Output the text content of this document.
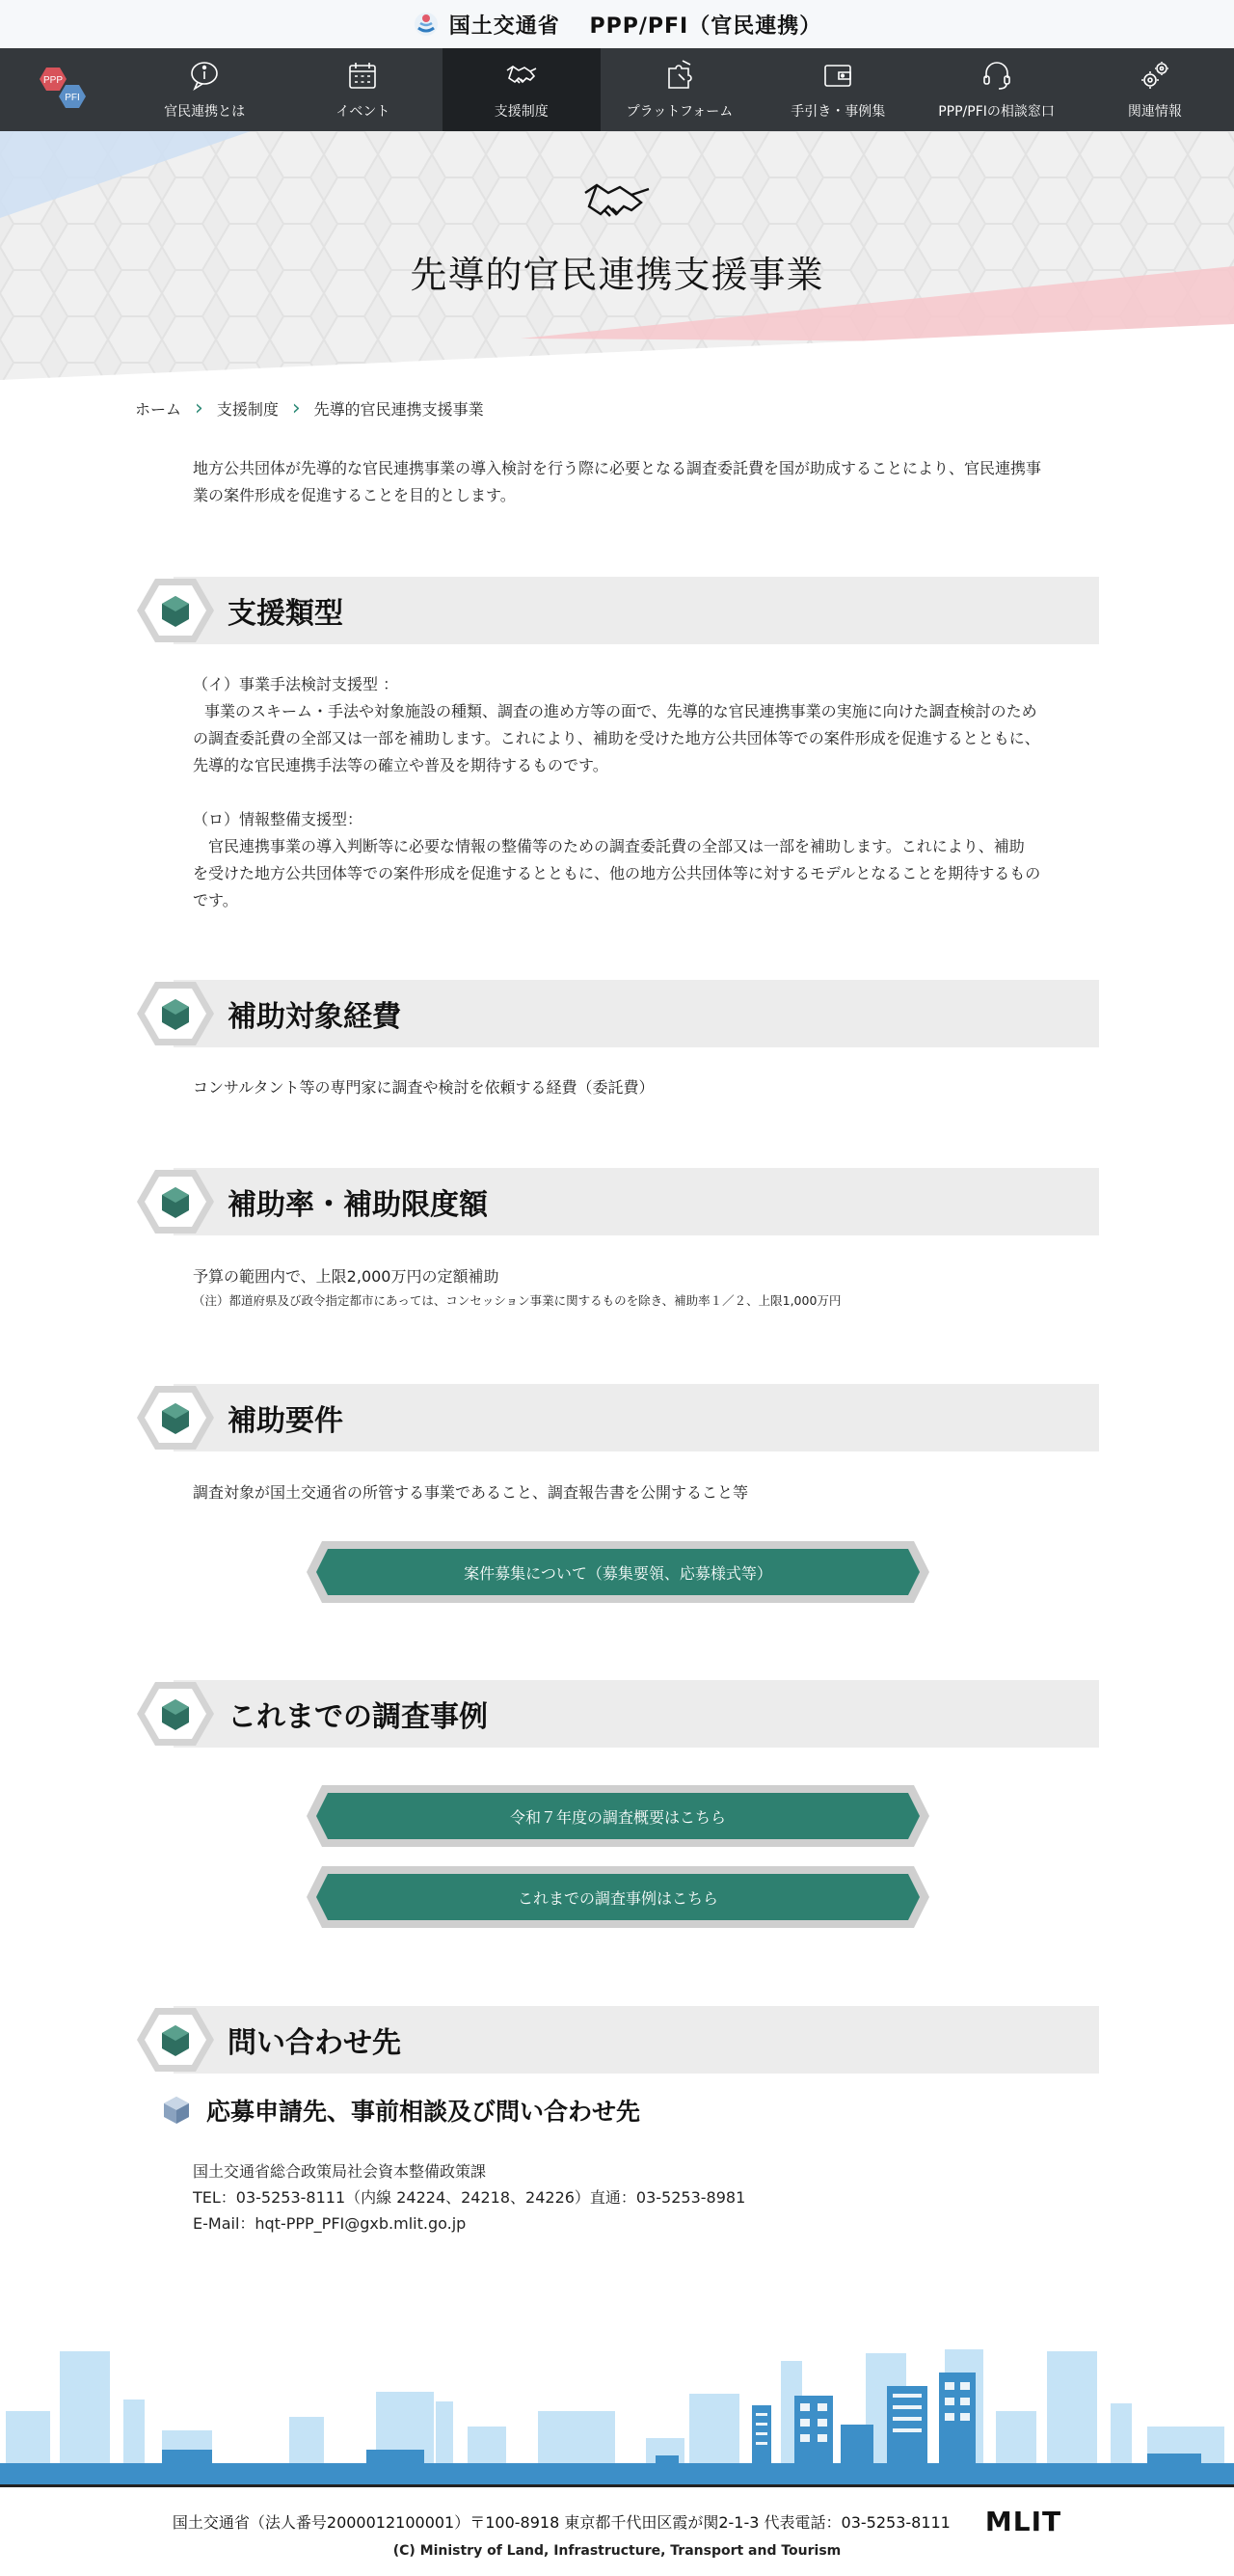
国土交通省 PPP/PFI（官民連携）
PPP
PFI
官民連携とは	イベント	支援制度	プラットフォーム	手引き・事例集	PPP/PFIの相談窓口	関連情報
先導的官民連携支援事業
ホーム › 支援制度 › 先導的官民連携支援事業
地方公共団体が先導的な官民連携事業の導入検討を行う際に必要となる調査委託費を国が助成することにより、官民連携事
業の案件形成を促進することを目的とします。
支援類型
（イ）事業手法検討支援型 ：
事業のスキーム・手法や対象施設の種類、調査の進め方等の面で、先導的な官民連携事業の実施に向けた調査検討のため
の調査委託費の全部又は一部を補助します。これにより、補助を受けた地方公共団体等での案件形成を促進するとともに、
先導的な官民連携手法等の確立や普及を期待するものです。
（ロ）情報整備支援型：
官民連携事業の導入判断等に必要な情報の整備等のための調査委託費の全部又は一部を補助します。これにより、補助
を受けた地方公共団体等での案件形成を促進するとともに、他の地方公共団体等に対するモデルとなることを期待するもの
です。
補助対象経費
コンサルタント等の専門家に調査や検討を依頼する経費（委託費）
補助率・補助限度額
予算の範囲内で、上限2,000万円の定額補助
（注）都道府県及び政令指定都市にあっては、コンセッション事業に関するものを除き、補助率１／２、上限1,000万円
補助要件
調査対象が国土交通省の所管する事業であること、調査報告書を公開すること等
案件募集について（募集要領、応募様式等）
これまでの調査事例
令和７年度の調査概要はこちら
これまでの調査事例はこちら
問い合わせ先
応募申請先、事前相談及び問い合わせ先
国土交通省総合政策局社会資本整備政策課
TEL：03-5253-8111（内線 24224、24218、24226）直通：03-5253-8981
E-Mail：hqt-PPP_PFI@gxb.mlit.go.jp
国土交通省（法人番号2000012100001）〒100-8918 東京都千代田区霞が関2-1-3 代表電話：03-5253-8111 MLIT
(C) Ministry of Land, Infrastructure, Transport and Tourism
